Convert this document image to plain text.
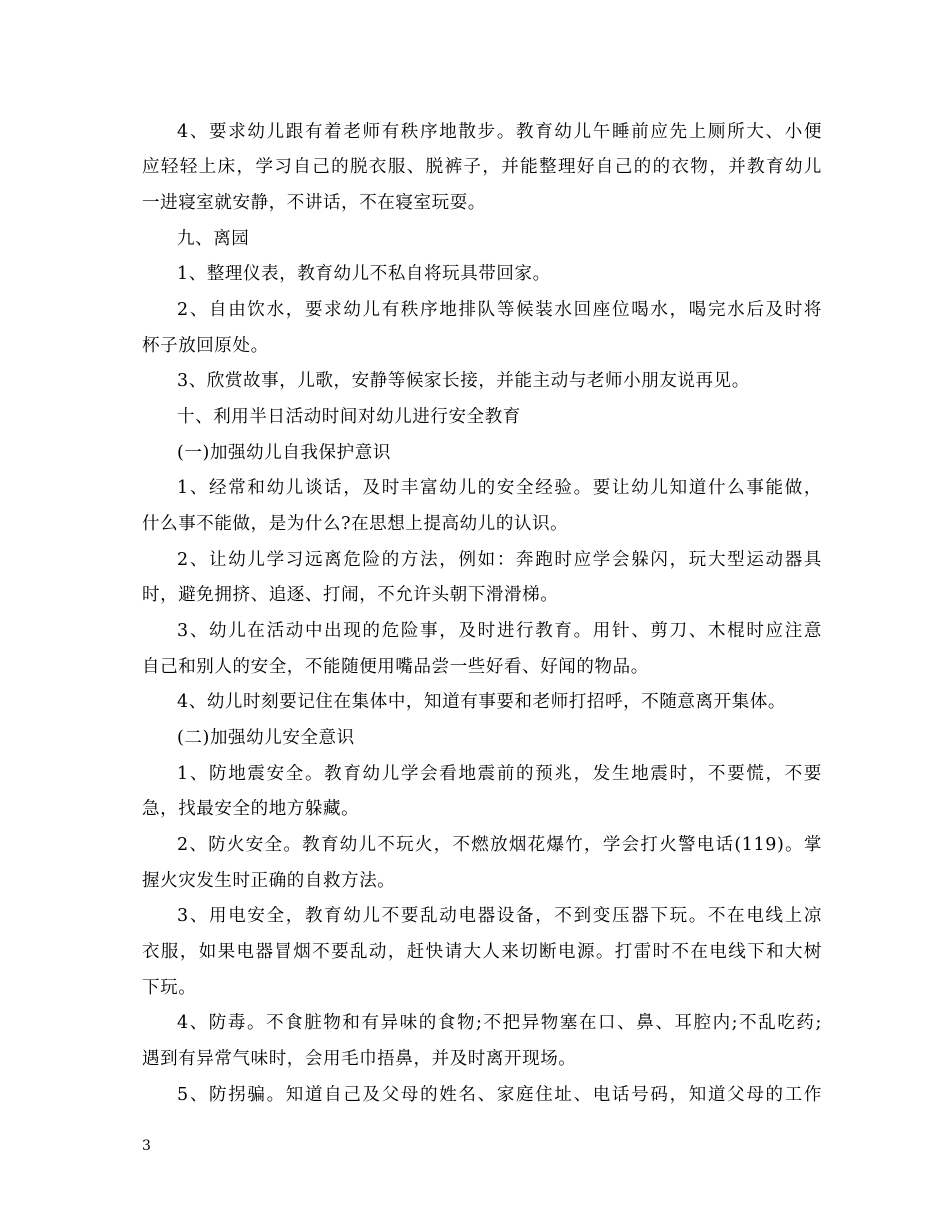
4、要求幼儿跟有着老师有秩序地散步。教育幼儿午睡前应先上厕所大、小便
应轻轻上床，学习自己的脱衣服、脱裤子，并能整理好自己的的衣物，并教育幼儿
一进寝室就安静，不讲话，不在寝室玩耍。
九、离园
1、整理仪表，教育幼儿不私自将玩具带回家。
2、自由饮水，要求幼儿有秩序地排队等候装水回座位喝水，喝完水后及时将
杯子放回原处。
3、欣赏故事，儿歌，安静等候家长接，并能主动与老师小朋友说再见。
十、利用半日活动时间对幼儿进行安全教育
(一)加强幼儿自我保护意识
1、经常和幼儿谈话，及时丰富幼儿的安全经验。要让幼儿知道什么事能做，
什么事不能做，是为什么?在思想上提高幼儿的认识。
2、让幼儿学习远离危险的方法，例如：奔跑时应学会躲闪，玩大型运动器具
时，避免拥挤、追逐、打闹，不允许头朝下滑滑梯。
3、幼儿在活动中出现的危险事，及时进行教育。用针、剪刀、木棍时应注意
自己和别人的安全，不能随便用嘴品尝一些好看、好闻的物品。
4、幼儿时刻要记住在集体中，知道有事要和老师打招呼，不随意离开集体。
(二)加强幼儿安全意识
1、防地震安全。教育幼儿学会看地震前的预兆，发生地震时，不要慌，不要
急，找最安全的地方躲藏。
2、防火安全。教育幼儿不玩火，不燃放烟花爆竹，学会打火警电话(119)。掌
握火灾发生时正确的自救方法。
3、用电安全，教育幼儿不要乱动电器设备，不到变压器下玩。不在电线上凉
衣服，如果电器冒烟不要乱动，赶快请大人来切断电源。打雷时不在电线下和大树
下玩。
4、防毒。不食脏物和有异味的食物;不把异物塞在口、鼻、耳腔内;不乱吃药;
遇到有异常气味时，会用毛巾捂鼻，并及时离开现场。
5、防拐骗。知道自己及父母的姓名、家庭住址、电话号码，知道父母的工作
3
